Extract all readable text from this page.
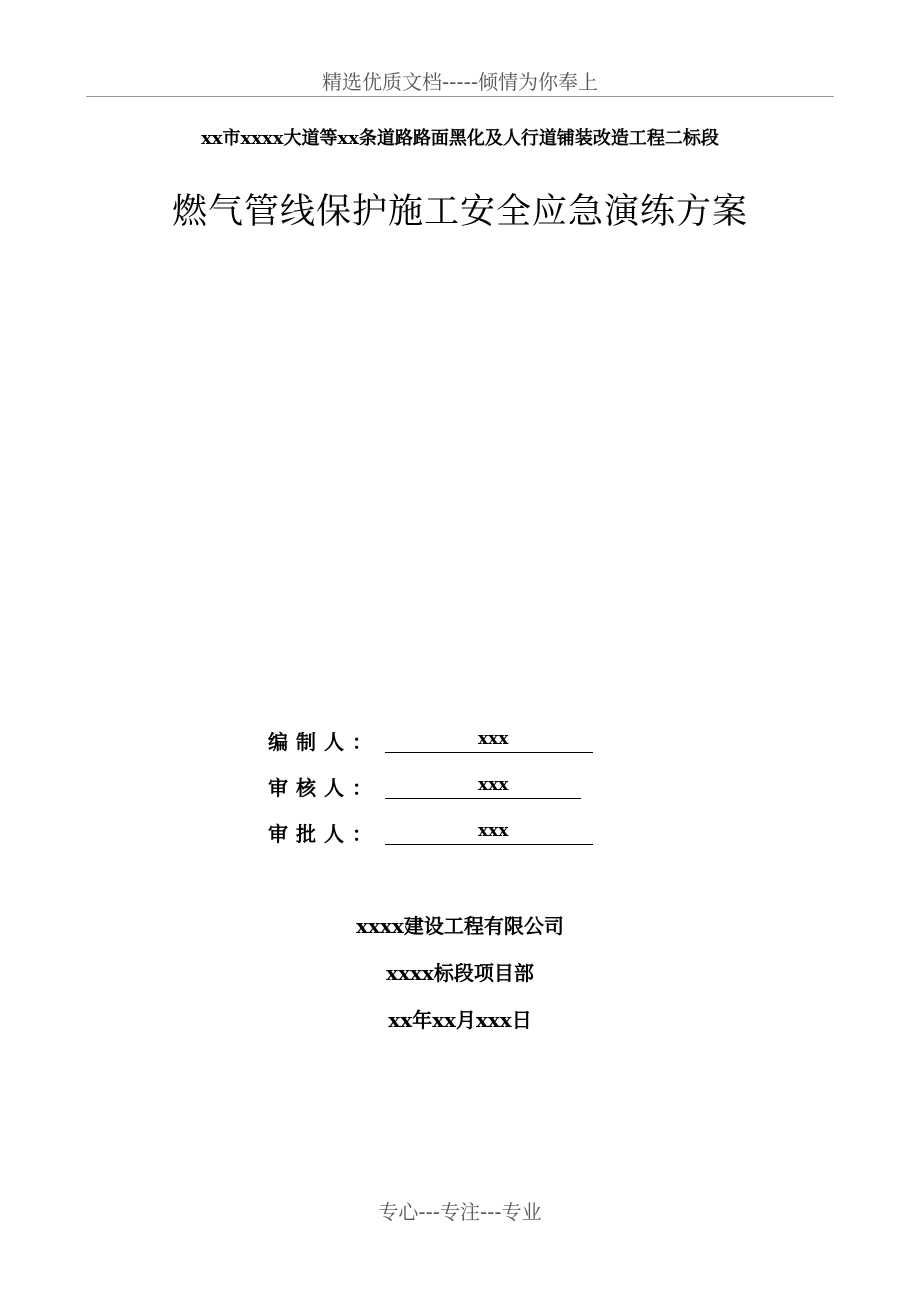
精选优质文档-----倾情为你奉上
xx市xxxx大道等xx条道路路面黑化及人行道铺装改造工程二标段
燃气管线保护施工安全应急演练方案
编制人：	xxx
审核人：	xxx
审批人：	xxx
xxxx建设工程有限公司
xxxx标段项目部
xx年xx月xxx日
专心---专注---专业
